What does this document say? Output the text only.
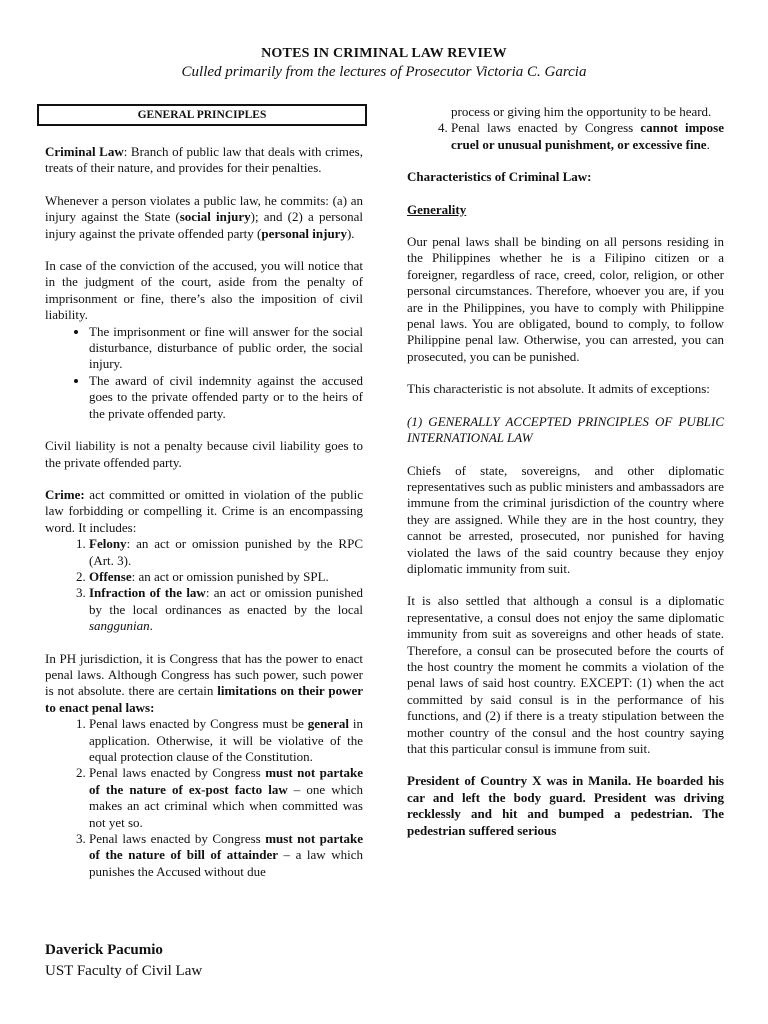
NOTES IN CRIMINAL LAW REVIEW
Culled primarily from the lectures of Prosecutor Victoria C. Garcia
GENERAL PRINCIPLES

Criminal Law: Branch of public law that deals with crimes, treats of their nature, and provides for their penalties.

Whenever a person violates a public law, he commits: (a) an injury against the State (social injury); and (2) a personal injury against the private offended party (personal injury).

In case of the conviction of the accused, you will notice that in the judgment of the court, aside from the penalty of imprisonment or fine, there’s also the imposition of civil liability.

• The imprisonment or fine will answer for the social disturbance, disturbance of public order, the social injury.
• The award of civil indemnity against the accused goes to the private offended party or to the heirs of the private offended party.

Civil liability is not a penalty because civil liability goes to the private offended party.

Crime: act committed or omitted in violation of the public law forbidding or compelling it. Crime is an encompassing word. It includes:

1. Felony: an act or omission punished by the RPC (Art. 3).
2. Offense: an act or omission punished by SPL.
3. Infraction of the law: an act or omission punished by the local ordinances as enacted by the local sanggunian.

In PH jurisdiction, it is Congress that has the power to enact penal laws. Although Congress has such power, such power is not absolute. there are certain limitations on their power to enact penal laws:

1. Penal laws enacted by Congress must be general in application. Otherwise, it will be violative of the equal protection clause of the Constitution.
2. Penal laws enacted by Congress must not partake of the nature of ex-post facto law – one which makes an act criminal which when committed was not yet so.
3. Penal laws enacted by Congress must not partake of the nature of bill of attainder – a law which punishes the Accused without due

process or giving him the opportunity to be heard.

4. Penal laws enacted by Congress cannot impose cruel or unusual punishment, or excessive fine.

Characteristics of Criminal Law:

Generality

Our penal laws shall be binding on all persons residing in the Philippines whether he is a Filipino citizen or a foreigner, regardless of race, creed, color, religion, or other personal circumstances. Therefore, whoever you are, if you are in the Philippines, you have to comply with Philippine penal laws. You are obligated, bound to comply, to follow Philippine penal law. Otherwise, you can arrested, you can prosecuted, you can be punished.

This characteristic is not absolute. It admits of exceptions:

(1) GENERALLY ACCEPTED PRINCIPLES OF PUBLIC INTERNATIONAL LAW

Chiefs of state, sovereigns, and other diplomatic representatives such as public ministers and ambassadors are immune from the criminal jurisdiction of the country where they are assigned. While they are in the host country, they cannot be arrested, prosecuted, nor punished for having violated the laws of the said country because they enjoy diplomatic immunity from suit.

It is also settled that although a consul is a diplomatic representative, a consul does not enjoy the same diplomatic immunity from suit as sovereigns and other heads of state. Therefore, a consul can be prosecuted before the courts of the host country the moment he commits a violation of the penal laws of said host country. EXCEPT: (1) when the act committed by said consul is in the performance of his functions, and (2) if there is a treaty stipulation between the mother country of the consul and the host country saying that this particular consul is immune from suit.

President of Country X was in Manila. He boarded his car and left the body guard. President was driving recklessly and hit and bumped a pedestrian. The pedestrian suffered serious

Daverick Pacumio
UST Faculty of Civil Law
